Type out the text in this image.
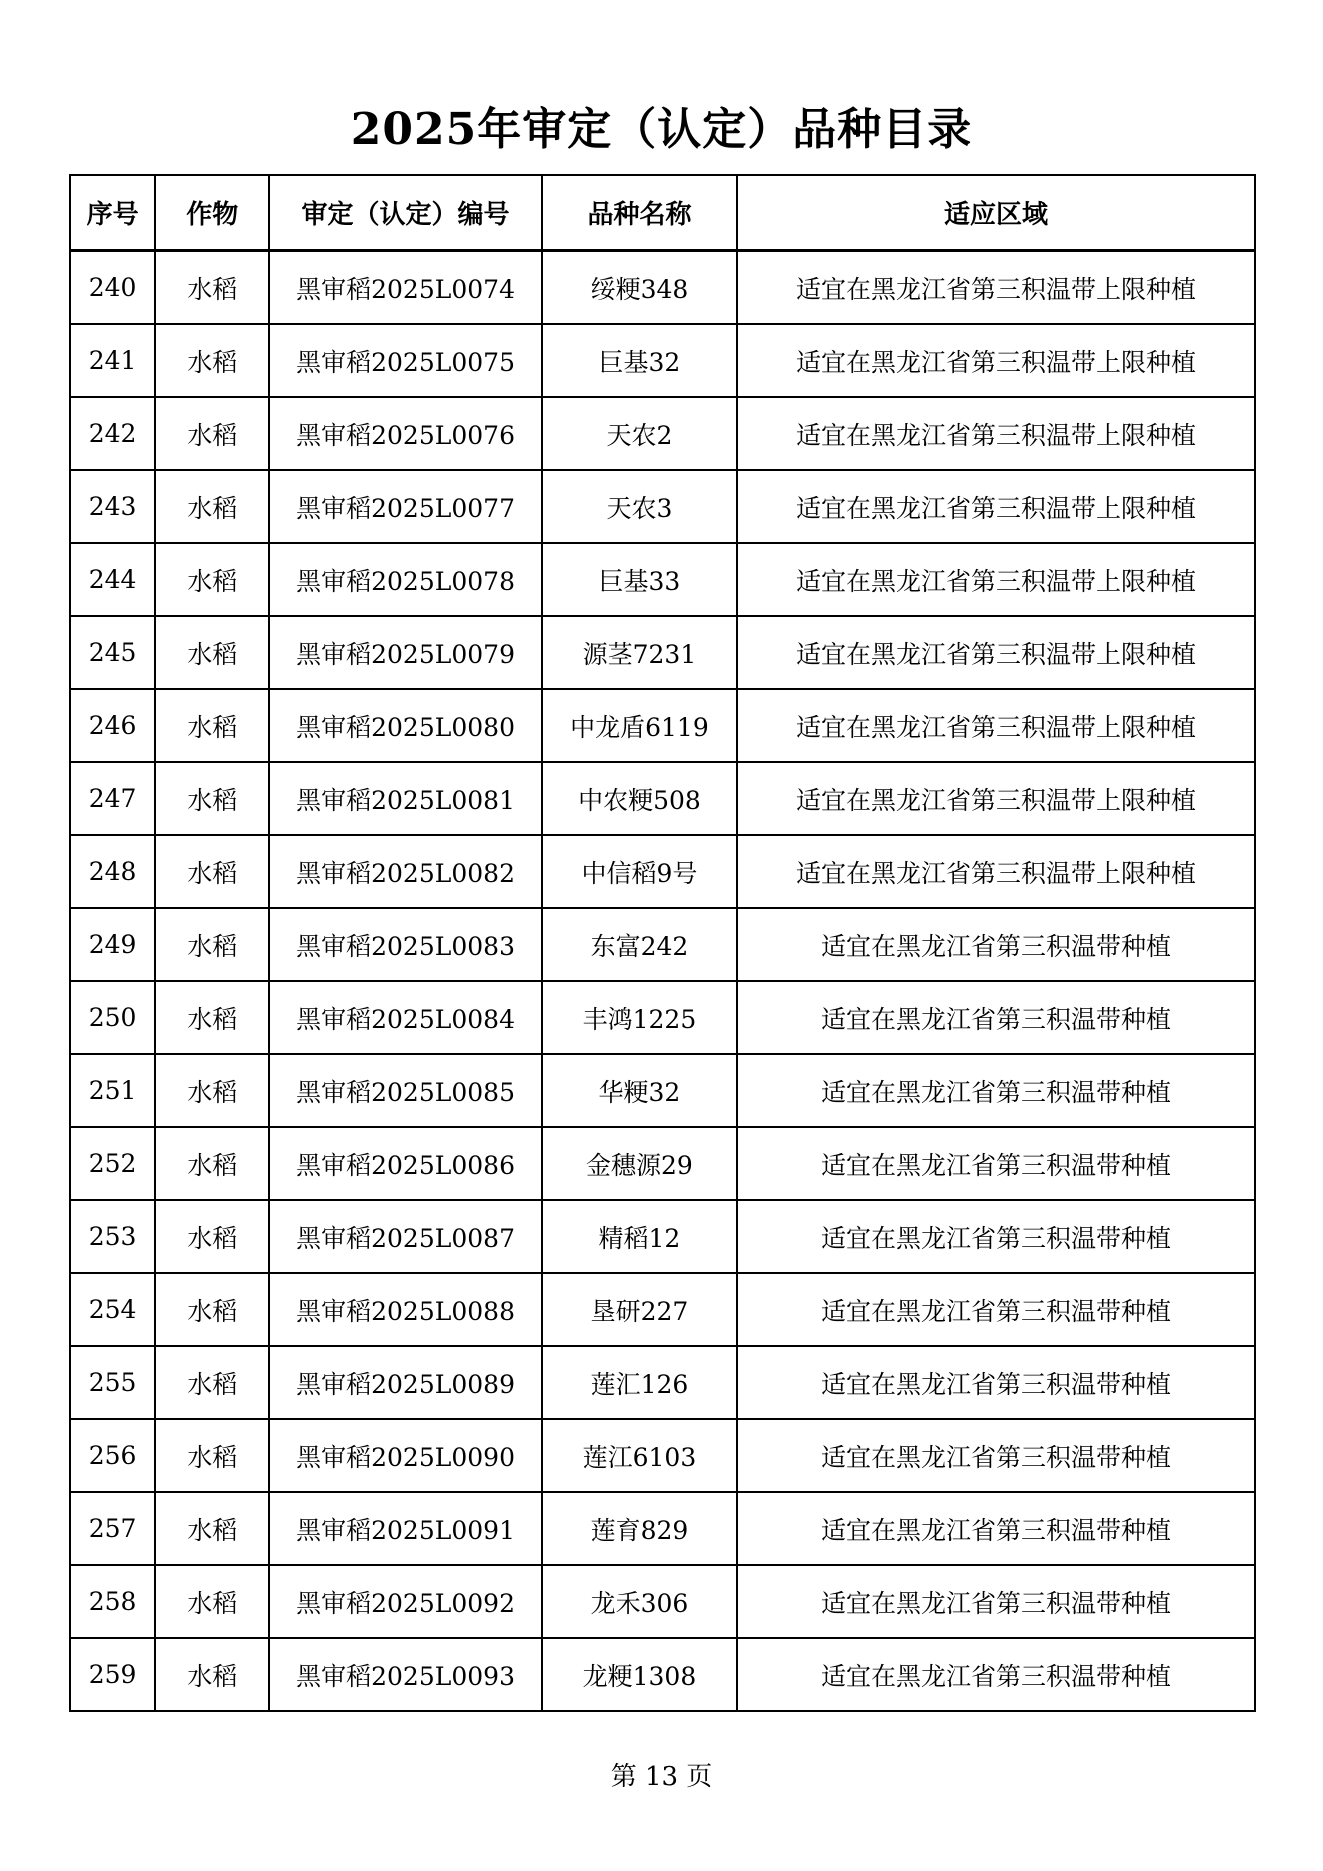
2025年审定（认定）品种目录
序号	作物	审定（认定）编号	品种名称	适应区域
240	水稻	黑审稻2025L0074	绥粳348	适宜在黑龙江省第三积温带上限种植
241	水稻	黑审稻2025L0075	巨基32	适宜在黑龙江省第三积温带上限种植
242	水稻	黑审稻2025L0076	天农2	适宜在黑龙江省第三积温带上限种植
243	水稻	黑审稻2025L0077	天农3	适宜在黑龙江省第三积温带上限种植
244	水稻	黑审稻2025L0078	巨基33	适宜在黑龙江省第三积温带上限种植
245	水稻	黑审稻2025L0079	源茎7231	适宜在黑龙江省第三积温带上限种植
246	水稻	黑审稻2025L0080	中龙盾6119	适宜在黑龙江省第三积温带上限种植
247	水稻	黑审稻2025L0081	中农粳508	适宜在黑龙江省第三积温带上限种植
248	水稻	黑审稻2025L0082	中信稻9号	适宜在黑龙江省第三积温带上限种植
249	水稻	黑审稻2025L0083	东富242	适宜在黑龙江省第三积温带种植
250	水稻	黑审稻2025L0084	丰鸿1225	适宜在黑龙江省第三积温带种植
251	水稻	黑审稻2025L0085	华粳32	适宜在黑龙江省第三积温带种植
252	水稻	黑审稻2025L0086	金穗源29	适宜在黑龙江省第三积温带种植
253	水稻	黑审稻2025L0087	精稻12	适宜在黑龙江省第三积温带种植
254	水稻	黑审稻2025L0088	垦研227	适宜在黑龙江省第三积温带种植
255	水稻	黑审稻2025L0089	莲汇126	适宜在黑龙江省第三积温带种植
256	水稻	黑审稻2025L0090	莲江6103	适宜在黑龙江省第三积温带种植
257	水稻	黑审稻2025L0091	莲育829	适宜在黑龙江省第三积温带种植
258	水稻	黑审稻2025L0092	龙禾306	适宜在黑龙江省第三积温带种植
259	水稻	黑审稻2025L0093	龙粳1308	适宜在黑龙江省第三积温带种植
第 13 页
